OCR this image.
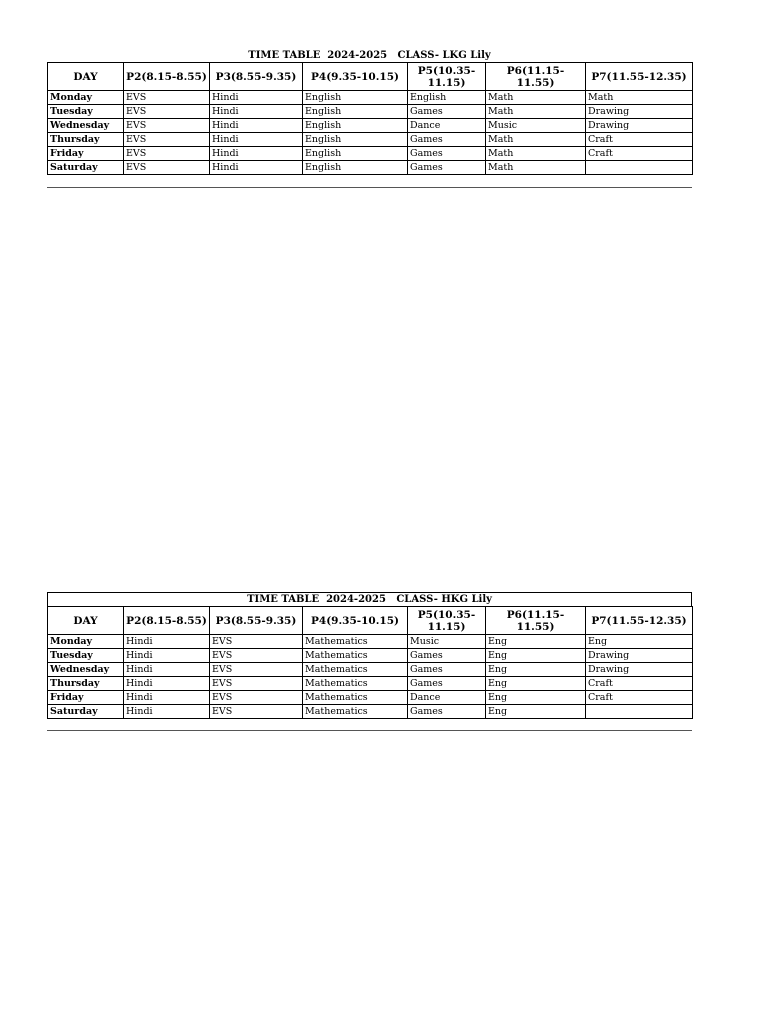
TIME TABLE  2024-2025   CLASS- LKG Lily
DAY	P2(8.15-8.55)	P3(8.55-9.35)	P4(9.35-10.15)	P5(10.35-11.15)	P6(11.15-11.55)	P7(11.55-12.35)
Monday	EVS	Hindi	English	English	Math	Math
Tuesday	EVS	Hindi	English	Games	Math	Drawing
Wednesday	EVS	Hindi	English	Dance	Music	Drawing
Thursday	EVS	Hindi	English	Games	Math	Craft
Friday	EVS	Hindi	English	Games	Math	Craft
Saturday	EVS	Hindi	English	Games	Math	
TIME TABLE  2024-2025   CLASS- HKG Lily
DAY	P2(8.15-8.55)	P3(8.55-9.35)	P4(9.35-10.15)	P5(10.35-11.15)	P6(11.15-11.55)	P7(11.55-12.35)
Monday	Hindi	EVS	Mathematics	Music	Eng	Eng
Tuesday	Hindi	EVS	Mathematics	Games	Eng	Drawing
Wednesday	Hindi	EVS	Mathematics	Games	Eng	Drawing
Thursday	Hindi	EVS	Mathematics	Games	Eng	Craft
Friday	Hindi	EVS	Mathematics	Dance	Eng	Craft
Saturday	Hindi	EVS	Mathematics	Games	Eng	
